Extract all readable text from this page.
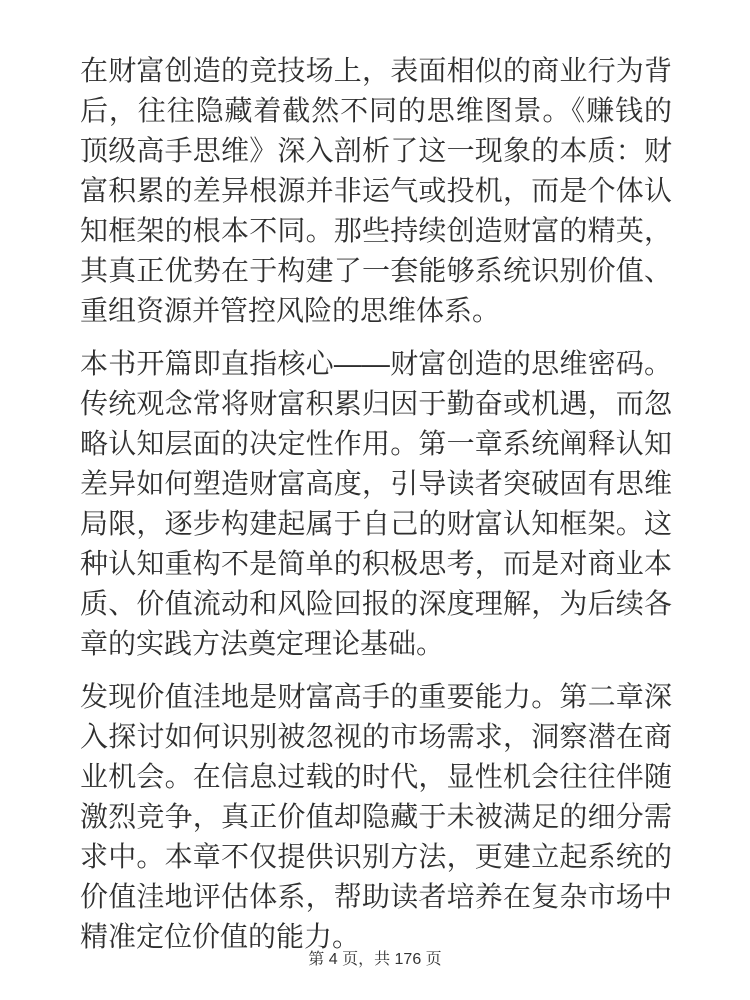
在财富创造的竞技场上，表面相似的商业行为背后，往往隐藏着截然不同的思维图景。《赚钱的顶级高手思维》深入剖析了这一现象的本质：财富积累的差异根源并非运气或投机，而是个体认知框架的根本不同。那些持续创造财富的精英，其真正优势在于构建了一套能够系统识别价值、重组资源并管控风险的思维体系。

本书开篇即直指核心——财富创造的思维密码。传统观念常将财富积累归因于勤奋或机遇，而忽略认知层面的决定性作用。第一章系统阐释认知差异如何塑造财富高度，引导读者突破固有思维局限，逐步构建起属于自己的财富认知框架。这种认知重构不是简单的积极思考，而是对商业本质、价值流动和风险回报的深度理解，为后续各章的实践方法奠定理论基础。

发现价值洼地是财富高手的重要能力。第二章深入探讨如何识别被忽视的市场需求，洞察潜在商业机会。在信息过载的时代，显性机会往往伴随激烈竞争，真正价值却隐藏于未被满足的细分需求中。本章不仅提供识别方法，更建立起系统的价值洼地评估体系，帮助读者培养在复杂市场中精准定位价值的能力。

第 4 页，共 176 页
